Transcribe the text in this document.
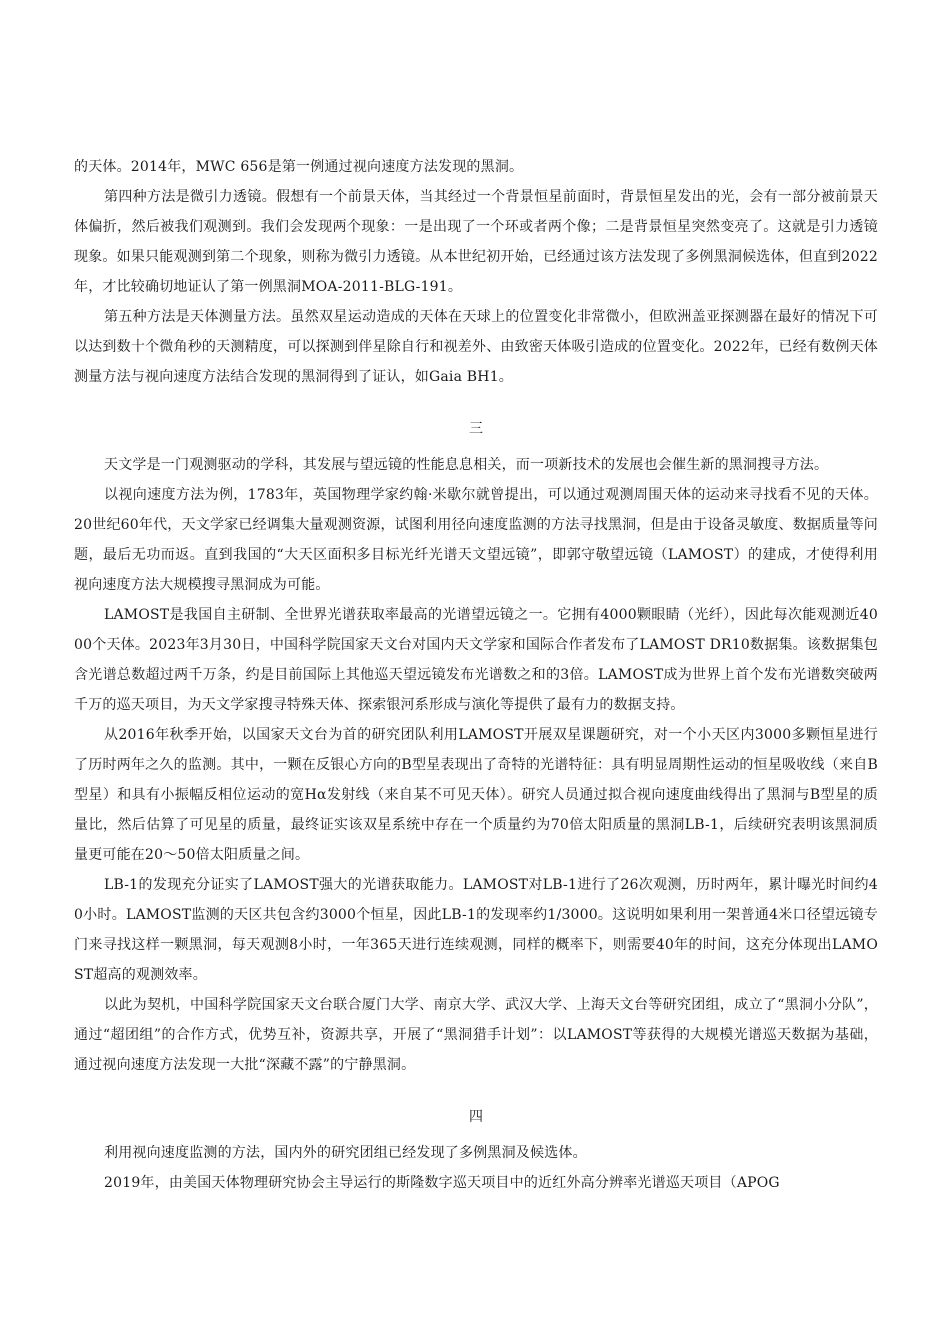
的天体。2014年，MWC 656是第一例通过视向速度方法发现的黑洞。

第四种方法是微引力透镜。假想有一个前景天体，当其经过一个背景恒星前面时，背景恒星发出的光，会有一部分被前景天体偏折，然后被我们观测到。我们会发现两个现象：一是出现了一个环或者两个像；二是背景恒星突然变亮了。这就是引力透镜现象。如果只能观测到第二个现象，则称为微引力透镜。从本世纪初开始，已经通过该方法发现了多例黑洞候选体，但直到2022年，才比较确切地证认了第一例黑洞MOA-2011-BLG-191。

第五种方法是天体测量方法。虽然双星运动造成的天体在天球上的位置变化非常微小，但欧洲盖亚探测器在最好的情况下可以达到数十个微角秒的天测精度，可以探测到伴星除自行和视差外、由致密天体吸引造成的位置变化。2022年，已经有数例天体测量方法与视向速度方法结合发现的黑洞得到了证认，如Gaia BH1。

三

天文学是一门观测驱动的学科，其发展与望远镜的性能息息相关，而一项新技术的发展也会催生新的黑洞搜寻方法。

以视向速度方法为例，1783年，英国物理学家约翰·米歇尔就曾提出，可以通过观测周围天体的运动来寻找看不见的天体。20世纪60年代，天文学家已经调集大量观测资源，试图利用径向速度监测的方法寻找黑洞，但是由于设备灵敏度、数据质量等问题，最后无功而返。直到我国的“大天区面积多目标光纤光谱天文望远镜”，即郭守敬望远镜（LAMOST）的建成，才使得利用视向速度方法大规模搜寻黑洞成为可能。

LAMOST是我国自主研制、全世界光谱获取率最高的光谱望远镜之一。它拥有4000颗眼睛（光纤），因此每次能观测近4000个天体。2023年3月30日，中国科学院国家天文台对国内天文学家和国际合作者发布了LAMOST DR10数据集。该数据集包含光谱总数超过两千万条，约是目前国际上其他巡天望远镜发布光谱数之和的3倍。LAMOST成为世界上首个发布光谱数突破两千万的巡天项目，为天文学家搜寻特殊天体、探索银河系形成与演化等提供了最有力的数据支持。

从2016年秋季开始，以国家天文台为首的研究团队利用LAMOST开展双星课题研究，对一个小天区内3000多颗恒星进行了历时两年之久的监测。其中，一颗在反银心方向的B型星表现出了奇特的光谱特征：具有明显周期性运动的恒星吸收线（来自B型星）和具有小振幅反相位运动的宽Hα发射线（来自某不可见天体）。研究人员通过拟合视向速度曲线得出了黑洞与B型星的质量比，然后估算了可见星的质量，最终证实该双星系统中存在一个质量约为70倍太阳质量的黑洞LB-1，后续研究表明该黑洞质量更可能在20～50倍太阳质量之间。

LB-1的发现充分证实了LAMOST强大的光谱获取能力。LAMOST对LB-1进行了26次观测，历时两年，累计曝光时间约40小时。LAMOST监测的天区共包含约3000个恒星，因此LB-1的发现率约1/3000。这说明如果利用一架普通4米口径望远镜专门来寻找这样一颗黑洞，每天观测8小时，一年365天进行连续观测，同样的概率下，则需要40年的时间，这充分体现出LAMOST超高的观测效率。

以此为契机，中国科学院国家天文台联合厦门大学、南京大学、武汉大学、上海天文台等研究团组，成立了“黑洞小分队”，通过“超团组”的合作方式，优势互补，资源共享，开展了“黑洞猎手计划”：以LAMOST等获得的大规模光谱巡天数据为基础，通过视向速度方法发现一大批“深藏不露”的宁静黑洞。

四

利用视向速度监测的方法，国内外的研究团组已经发现了多例黑洞及候选体。

2019年，由美国天体物理研究协会主导运行的斯隆数字巡天项目中的近红外高分辨率光谱巡天项目（APOG
